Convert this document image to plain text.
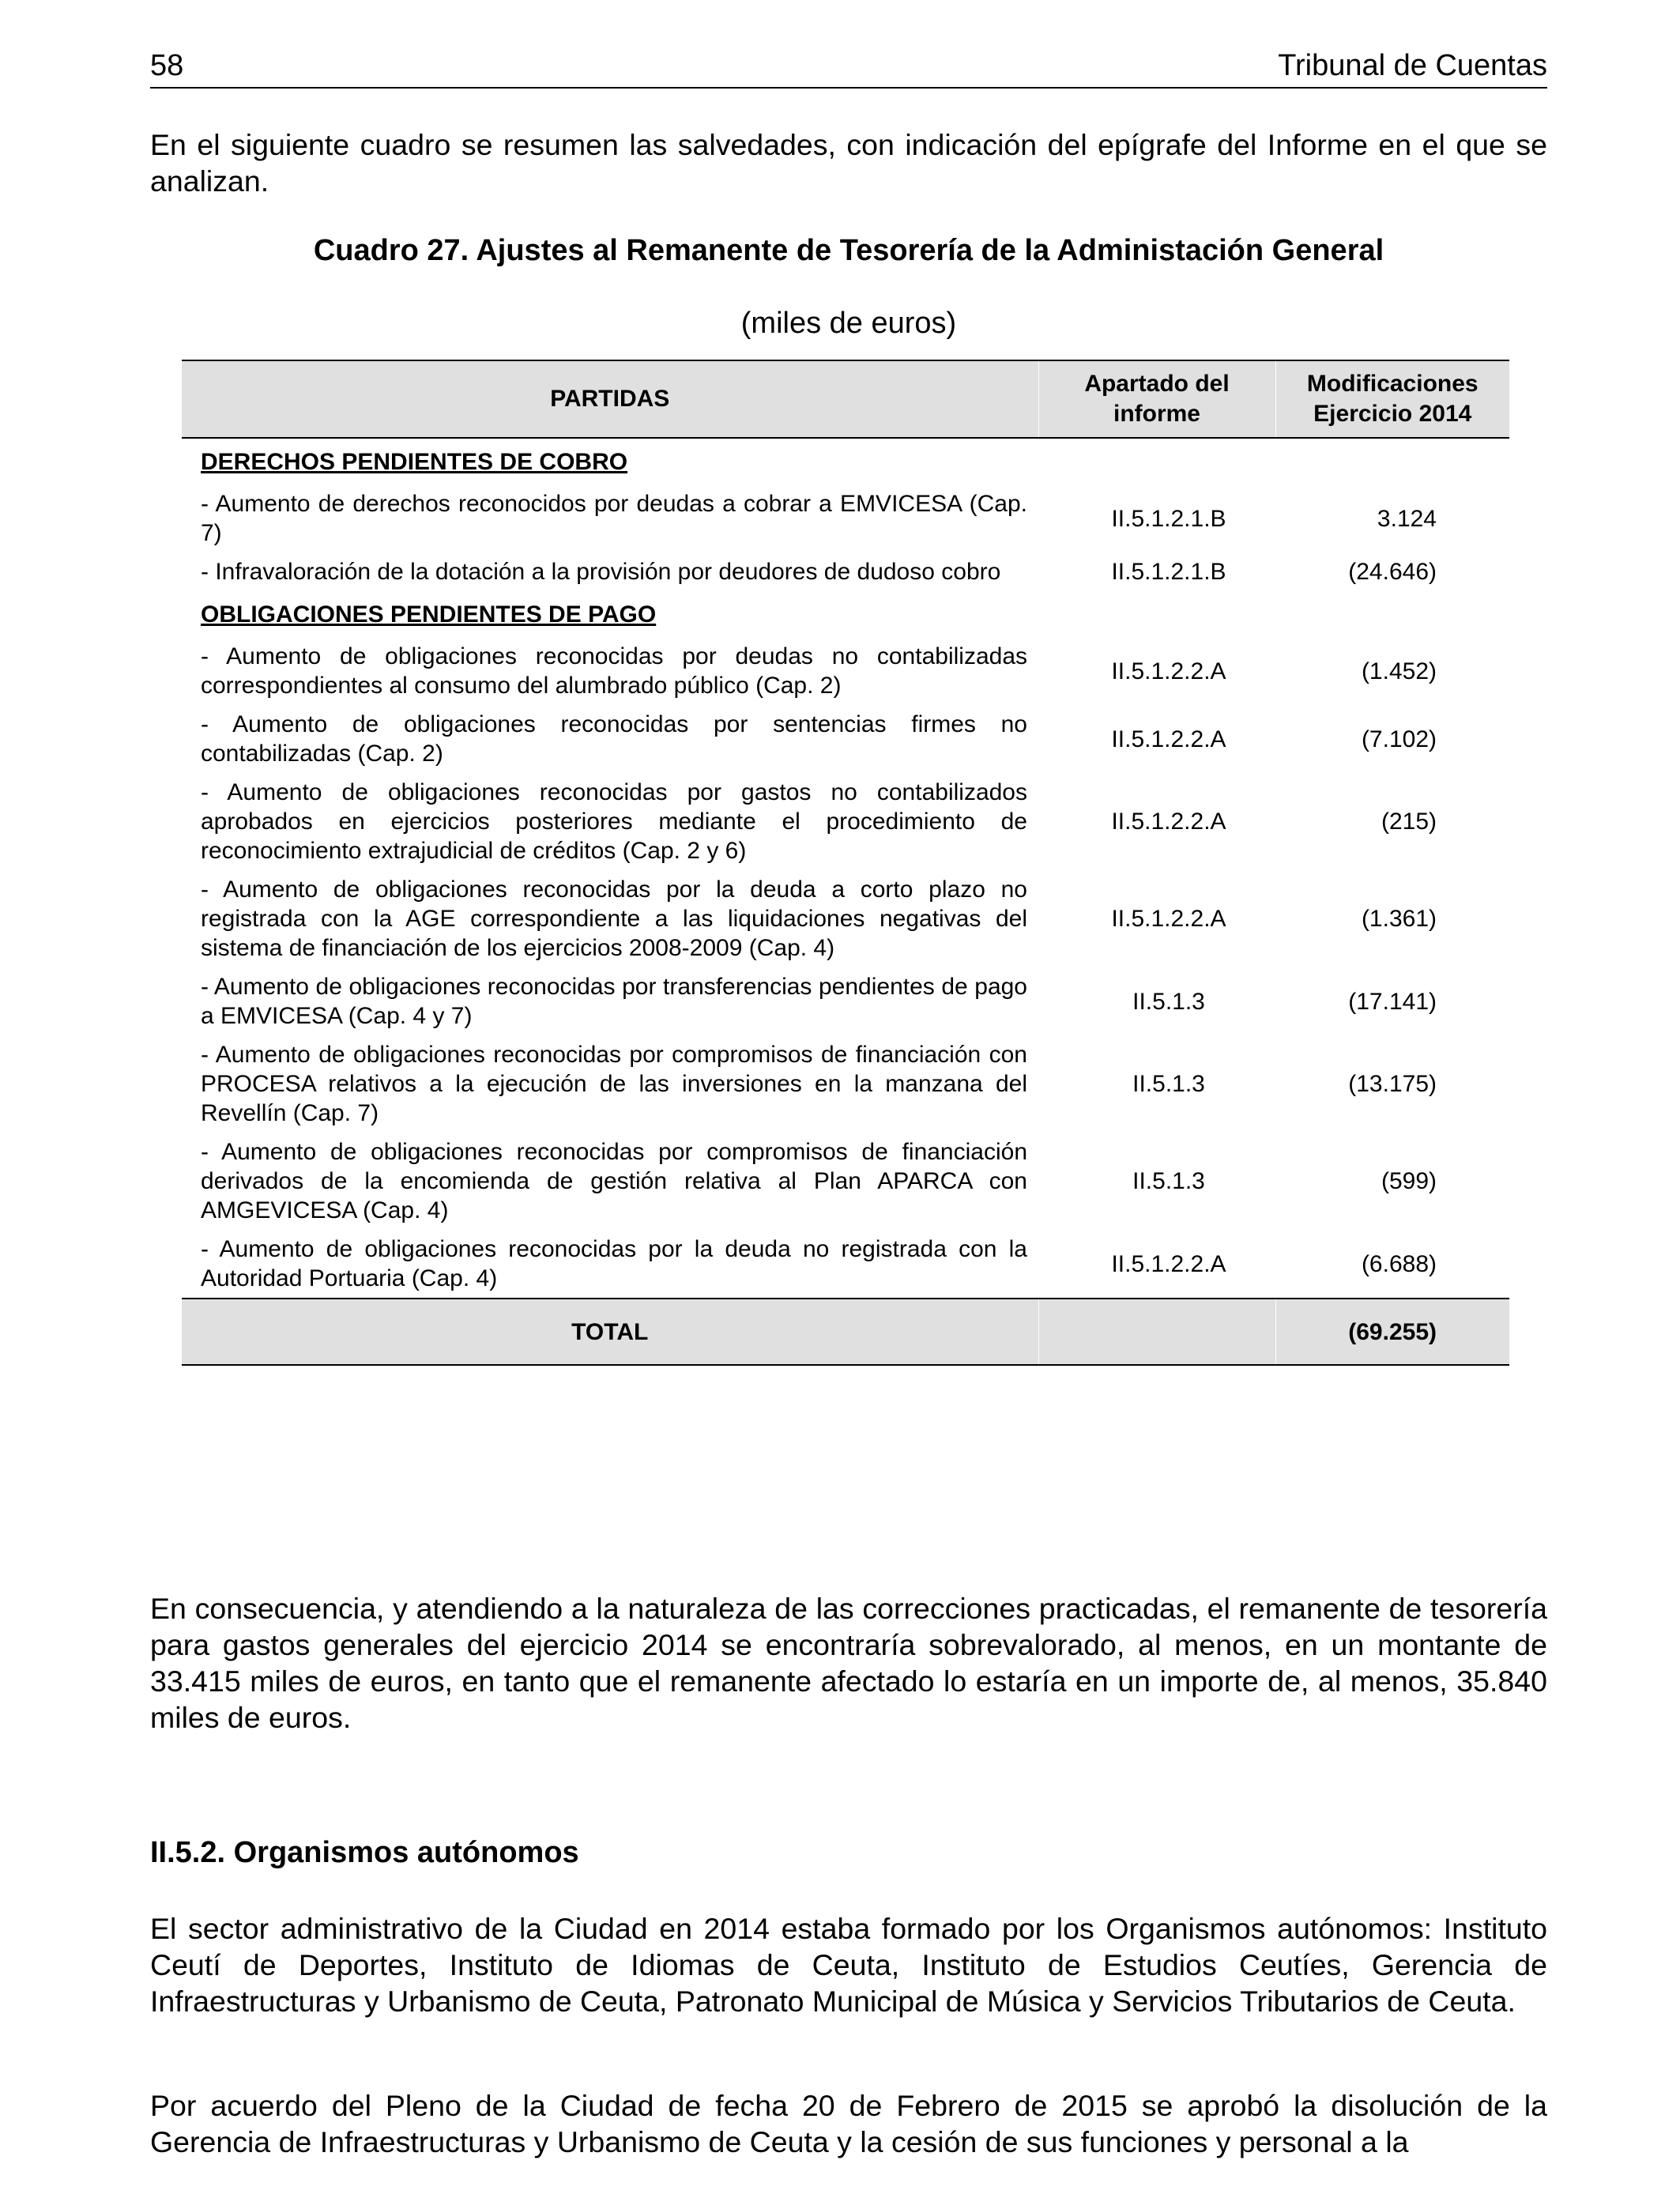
58	Tribunal de Cuentas
En el siguiente cuadro se resumen las salvedades, con indicación del epígrafe del Informe en el que se analizan.
Cuadro 27. Ajustes al Remanente de Tesorería de la Administación General
(miles de euros)
PARTIDAS	Apartado del informe	Modificaciones Ejercicio 2014
DERECHOS PENDIENTES DE COBRO		
- Aumento de derechos reconocidos por deudas a cobrar a EMVICESA (Cap. 7)	II.5.1.2.1.B	3.124
- Infravaloración de la dotación a la provisión por deudores de dudoso cobro	II.5.1.2.1.B	(24.646)
OBLIGACIONES PENDIENTES DE PAGO		
- Aumento de obligaciones reconocidas por deudas no contabilizadas correspondientes al consumo del alumbrado público (Cap. 2)	II.5.1.2.2.A	(1.452)
- Aumento de obligaciones reconocidas por sentencias firmes no contabilizadas (Cap. 2)	II.5.1.2.2.A	(7.102)
- Aumento de obligaciones reconocidas por gastos no contabilizados aprobados en ejercicios posteriores mediante el procedimiento de reconocimiento extrajudicial de créditos (Cap. 2 y 6)	II.5.1.2.2.A	(215)
- Aumento de obligaciones reconocidas por la deuda a corto plazo no registrada con la AGE correspondiente a las liquidaciones negativas del sistema de financiación de los ejercicios 2008-2009 (Cap. 4)	II.5.1.2.2.A	(1.361)
- Aumento de obligaciones reconocidas por transferencias pendientes de pago a EMVICESA (Cap. 4 y 7)	II.5.1.3	(17.141)
- Aumento de obligaciones reconocidas por compromisos de financiación con PROCESA relativos a la ejecución de las inversiones en la manzana del Revellín (Cap. 7)	II.5.1.3	(13.175)
- Aumento de obligaciones reconocidas por compromisos de financiación derivados de la encomienda de gestión relativa al Plan APARCA con AMGEVICESA (Cap. 4)	II.5.1.3	(599)
- Aumento de obligaciones reconocidas por la deuda no registrada con la Autoridad Portuaria (Cap. 4)	II.5.1.2.2.A	(6.688)
TOTAL		(69.255)
En consecuencia, y atendiendo a la naturaleza de las correcciones practicadas, el remanente de tesorería para gastos generales del ejercicio 2014 se encontraría sobrevalorado, al menos, en un montante de 33.415 miles de euros, en tanto que el remanente afectado lo estaría en un importe de, al menos, 35.840 miles de euros.
II.5.2. Organismos autónomos
El sector administrativo de la Ciudad en 2014 estaba formado por los Organismos autónomos: Instituto Ceutí de Deportes, Instituto de Idiomas de Ceuta, Instituto de Estudios Ceutíes, Gerencia de Infraestructuras y Urbanismo de Ceuta, Patronato Municipal de Música y Servicios Tributarios de Ceuta.
Por acuerdo del Pleno de la Ciudad de fecha 20 de Febrero de 2015 se aprobó la disolución de la Gerencia de Infraestructuras y Urbanismo de Ceuta y la cesión de sus funciones y personal a la
